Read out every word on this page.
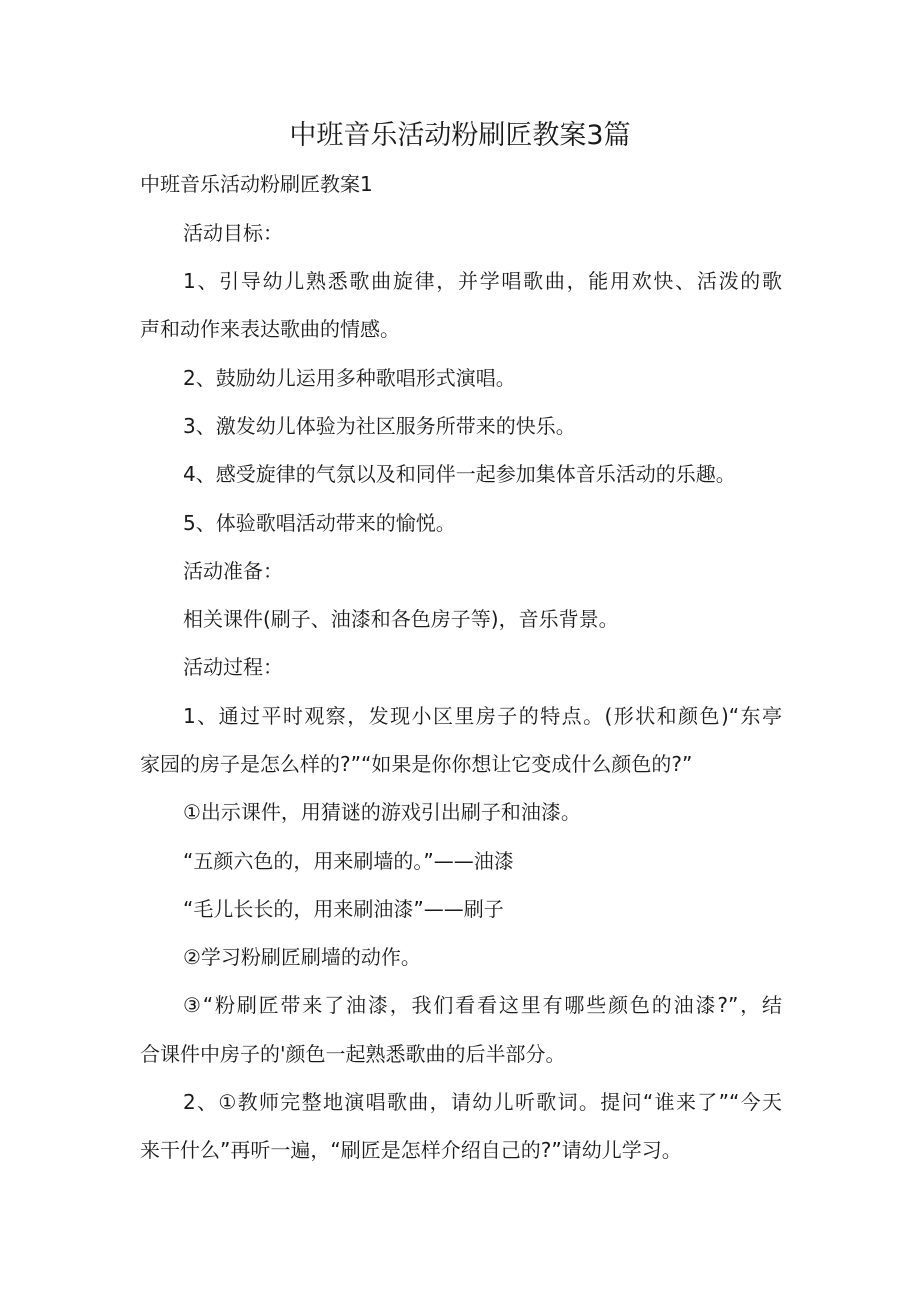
中班音乐活动粉刷匠教案3篇
中班音乐活动粉刷匠教案1
活动目标：
1、引导幼儿熟悉歌曲旋律，并学唱歌曲，能用欢快、活泼的歌
声和动作来表达歌曲的情感。
2、鼓励幼儿运用多种歌唱形式演唱。
3、激发幼儿体验为社区服务所带来的快乐。
4、感受旋律的气氛以及和同伴一起参加集体音乐活动的乐趣。
5、体验歌唱活动带来的愉悦。
活动准备：
相关课件(刷子、油漆和各色房子等)，音乐背景。
活动过程：
1、通过平时观察，发现小区里房子的特点。(形状和颜色)“东亭
家园的房子是怎么样的?”“如果是你你想让它变成什么颜色的?”
①出示课件，用猜谜的游戏引出刷子和油漆。
“五颜六色的，用来刷墙的。”——油漆
“毛儿长长的，用来刷油漆”——刷子
②学习粉刷匠刷墙的动作。
③“粉刷匠带来了油漆，我们看看这里有哪些颜色的油漆?”，结
合课件中房子的'颜色一起熟悉歌曲的后半部分。
2、①教师完整地演唱歌曲，请幼儿听歌词。提问“谁来了”“今天
来干什么”再听一遍，“刷匠是怎样介绍自己的?”请幼儿学习。
